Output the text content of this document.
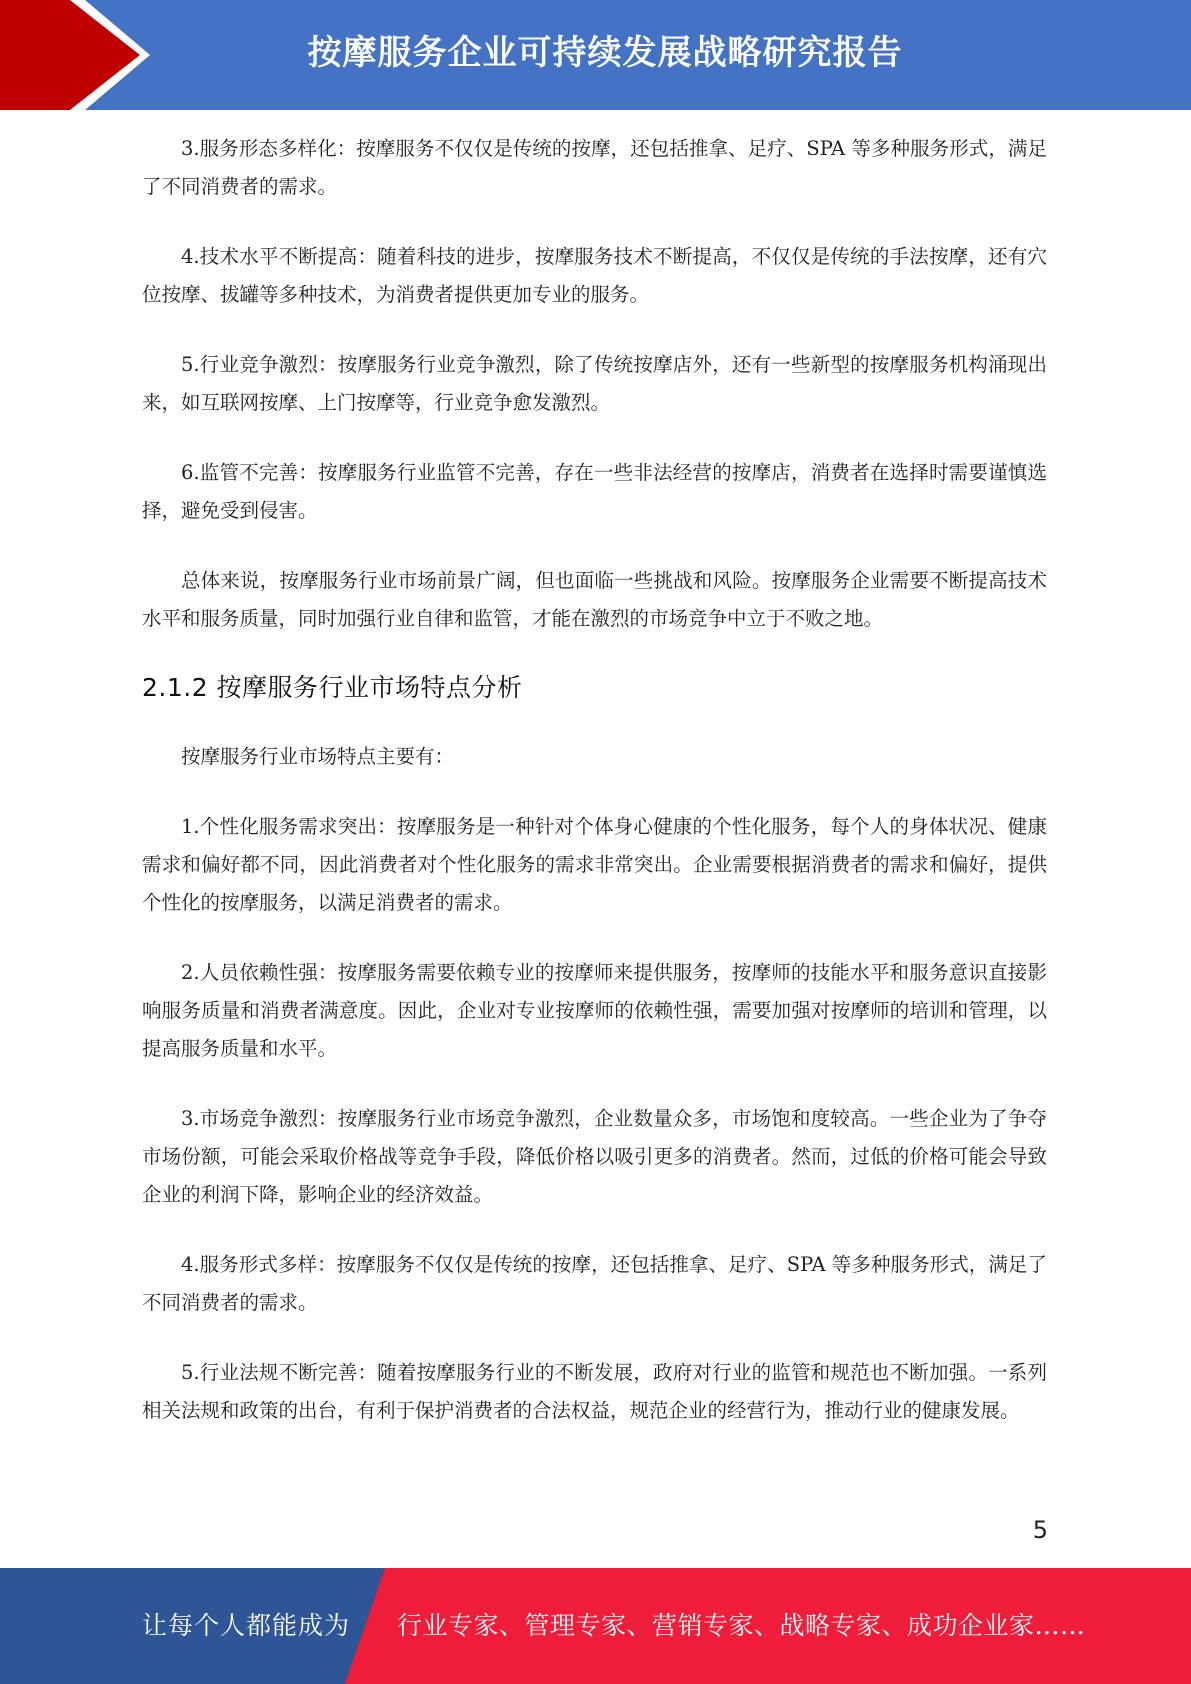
按摩服务企业可持续发展战略研究报告

3.服务形态多样化：按摩服务不仅仅是传统的按摩，还包括推拿、足疗、SPA 等多种服务形式，满足了不同消费者的需求。

4.技术水平不断提高：随着科技的进步，按摩服务技术不断提高，不仅仅是传统的手法按摩，还有穴位按摩、拔罐等多种技术，为消费者提供更加专业的服务。

5.行业竞争激烈：按摩服务行业竞争激烈，除了传统按摩店外，还有一些新型的按摩服务机构涌现出来，如互联网按摩、上门按摩等，行业竞争愈发激烈。

6.监管不完善：按摩服务行业监管不完善，存在一些非法经营的按摩店，消费者在选择时需要谨慎选择，避免受到侵害。

总体来说，按摩服务行业市场前景广阔，但也面临一些挑战和风险。按摩服务企业需要不断提高技术水平和服务质量，同时加强行业自律和监管，才能在激烈的市场竞争中立于不败之地。

2.1.2 按摩服务行业市场特点分析

按摩服务行业市场特点主要有：

1.个性化服务需求突出：按摩服务是一种针对个体身心健康的个性化服务，每个人的身体状况、健康需求和偏好都不同，因此消费者对个性化服务的需求非常突出。企业需要根据消费者的需求和偏好，提供个性化的按摩服务，以满足消费者的需求。

2.人员依赖性强：按摩服务需要依赖专业的按摩师来提供服务，按摩师的技能水平和服务意识直接影响服务质量和消费者满意度。因此，企业对专业按摩师的依赖性强，需要加强对按摩师的培训和管理，以提高服务质量和水平。

3.市场竞争激烈：按摩服务行业市场竞争激烈，企业数量众多，市场饱和度较高。一些企业为了争夺市场份额，可能会采取价格战等竞争手段，降低价格以吸引更多的消费者。然而，过低的价格可能会导致企业的利润下降，影响企业的经济效益。

4.服务形式多样：按摩服务不仅仅是传统的按摩，还包括推拿、足疗、SPA 等多种服务形式，满足了不同消费者的需求。

5.行业法规不断完善：随着按摩服务行业的不断发展，政府对行业的监管和规范也不断加强。一系列相关法规和政策的出台，有利于保护消费者的合法权益，规范企业的经营行为，推动行业的健康发展。

5
让每个人都能成为 行业专家、管理专家、营销专家、战略专家、成功企业家……
